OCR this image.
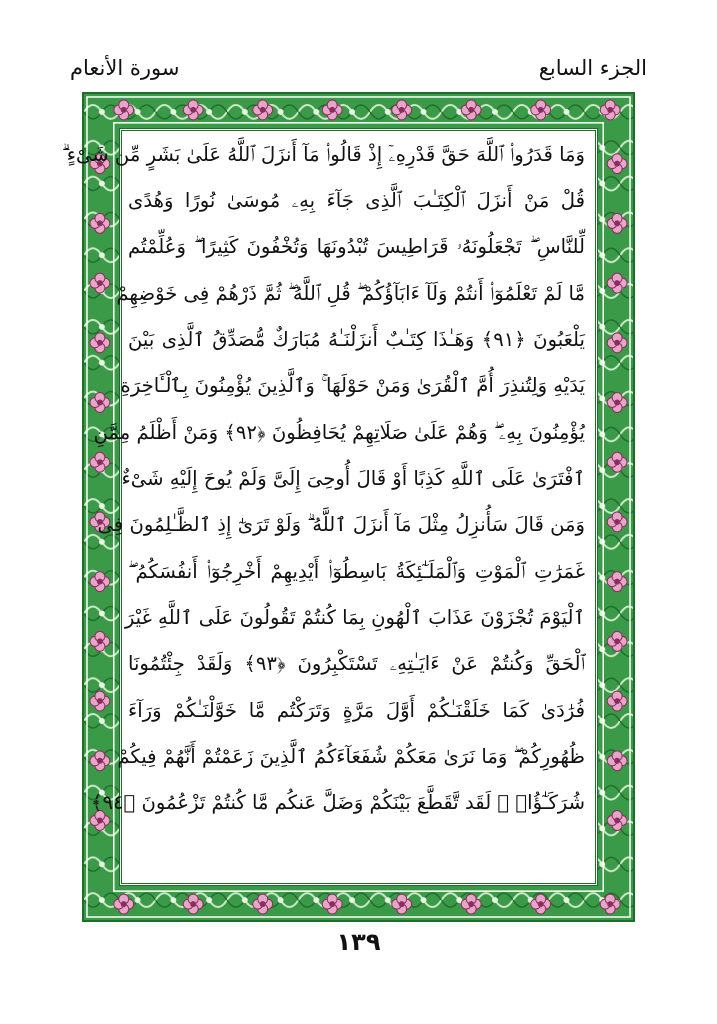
الجزء السابع
سورة الأنعام
وَمَا قَدَرُوا۟ ٱللَّهَ حَقَّ قَدْرِهِۦٓ إِذْ قَالُوا۟ مَآ أَنزَلَ ٱللَّهُ عَلَىٰ بَشَرٍ مِّن شَىْءٍ ۗ
قُلْ مَنْ أَنزَلَ ٱلْكِتَـٰبَ ٱلَّذِى جَآءَ بِهِۦ مُوسَىٰ نُورًا وَهُدًى
لِّلنَّاسِ ۖ تَجْعَلُونَهُۥ قَرَاطِيسَ تُبْدُونَهَا وَتُخْفُونَ كَثِيرًا ۖ وَعُلِّمْتُم
مَّا لَمْ تَعْلَمُوٓا۟ أَنتُمْ وَلَآ ءَابَآؤُكُمْ ۖ قُلِ ٱللَّهُ ۖ ثُمَّ ذَرْهُمْ فِى خَوْضِهِمْ
يَلْعَبُونَ ﴿٩١﴾ وَهَـٰذَا كِتَـٰبٌ أَنزَلْنَـٰهُ مُبَارَكٌ مُّصَدِّقُ ٱلَّذِى بَيْنَ
يَدَيْهِ وَلِتُنذِرَ أُمَّ ٱلْقُرَىٰ وَمَنْ حَوْلَهَا ۚ وَٱلَّذِينَ يُؤْمِنُونَ بِٱلْـَٔاخِرَةِ
يُؤْمِنُونَ بِهِۦ ۖ وَهُمْ عَلَىٰ صَلَاتِهِمْ يُحَافِظُونَ ﴿٩٢﴾ وَمَنْ أَظْلَمُ مِمَّنِ
ٱفْتَرَىٰ عَلَى ٱللَّهِ كَذِبًا أَوْ قَالَ أُوحِىَ إِلَىَّ وَلَمْ يُوحَ إِلَيْهِ شَىْءٌ
وَمَن قَالَ سَأُنزِلُ مِثْلَ مَآ أَنزَلَ ٱللَّهُ ۗ وَلَوْ تَرَىٰٓ إِذِ ٱلظَّـٰلِمُونَ فِى
غَمَرَٰتِ ٱلْمَوْتِ وَٱلْمَلَـٰٓئِكَةُ بَاسِطُوٓا۟ أَيْدِيهِمْ أَخْرِجُوٓا۟ أَنفُسَكُمُ ۖ
ٱلْيَوْمَ تُجْزَوْنَ عَذَابَ ٱلْهُونِ بِمَا كُنتُمْ تَقُولُونَ عَلَى ٱللَّهِ غَيْرَ
ٱلْحَقِّ وَكُنتُمْ عَنْ ءَايَـٰتِهِۦ تَسْتَكْبِرُونَ ﴿٩٣﴾ وَلَقَدْ جِئْتُمُونَا
فُرَٰدَىٰ كَمَا خَلَقْنَـٰكُمْ أَوَّلَ مَرَّةٍ وَتَرَكْتُم مَّا خَوَّلْنَـٰكُمْ وَرَآءَ
ظُهُورِكُمْ ۖ وَمَا نَرَىٰ مَعَكُمْ شُفَعَآءَكُمُ ٱلَّذِينَ زَعَمْتُمْ أَنَّهُمْ فِيكُمْ
شُرَكَـٰٓؤُا۟ ۚ لَقَد تَّقَطَّعَ بَيْنَكُمْ وَضَلَّ عَنكُم مَّا كُنتُمْ تَزْعُمُونَ ﴿٩٤﴾
١٣٩
